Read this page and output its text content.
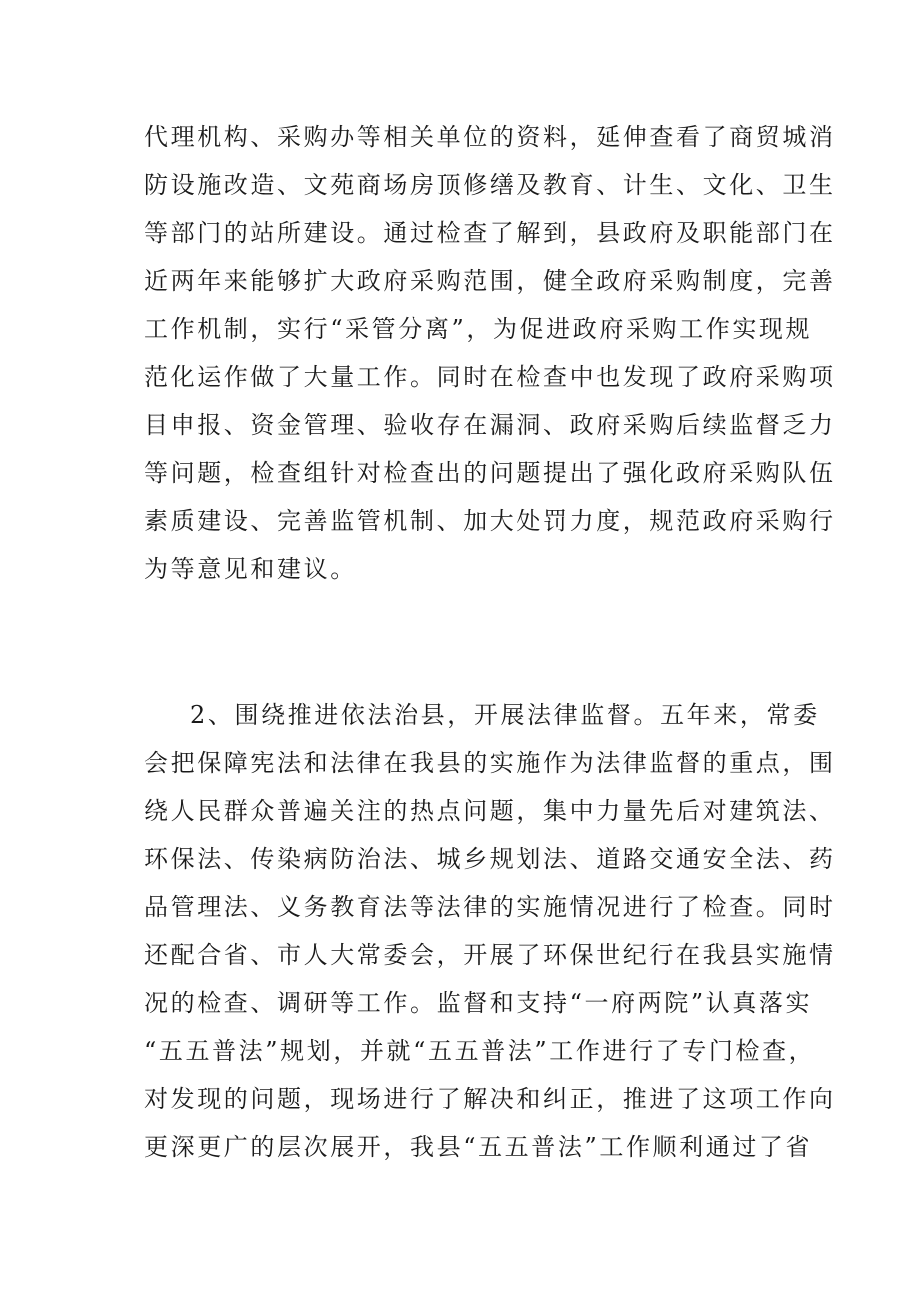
代理机构、采购办等相关单位的资料，延伸查看了商贸城消
防设施改造、文苑商场房顶修缮及教育、计生、文化、卫生
等部门的站所建设。通过检查了解到，县政府及职能部门在
近两年来能够扩大政府采购范围，健全政府采购制度，完善
工作机制，实行“采管分离”，为促进政府采购工作实现规
范化运作做了大量工作。同时在检查中也发现了政府采购项
目申报、资金管理、验收存在漏洞、政府采购后续监督乏力
等问题，检查组针对检查出的问题提出了强化政府采购队伍
素质建设、完善监管机制、加大处罚力度，规范政府采购行
为等意见和建议。
2、围绕推进依法治县，开展法律监督。五年来，常委
会把保障宪法和法律在我县的实施作为法律监督的重点，围
绕人民群众普遍关注的热点问题，集中力量先后对建筑法、
环保法、传染病防治法、城乡规划法、道路交通安全法、药
品管理法、义务教育法等法律的实施情况进行了检查。同时
还配合省、市人大常委会，开展了环保世纪行在我县实施情
况的检查、调研等工作。监督和支持“一府两院”认真落实
“五五普法”规划，并就“五五普法”工作进行了专门检查，
对发现的问题，现场进行了解决和纠正，推进了这项工作向
更深更广的层次展开，我县“五五普法”工作顺利通过了省
